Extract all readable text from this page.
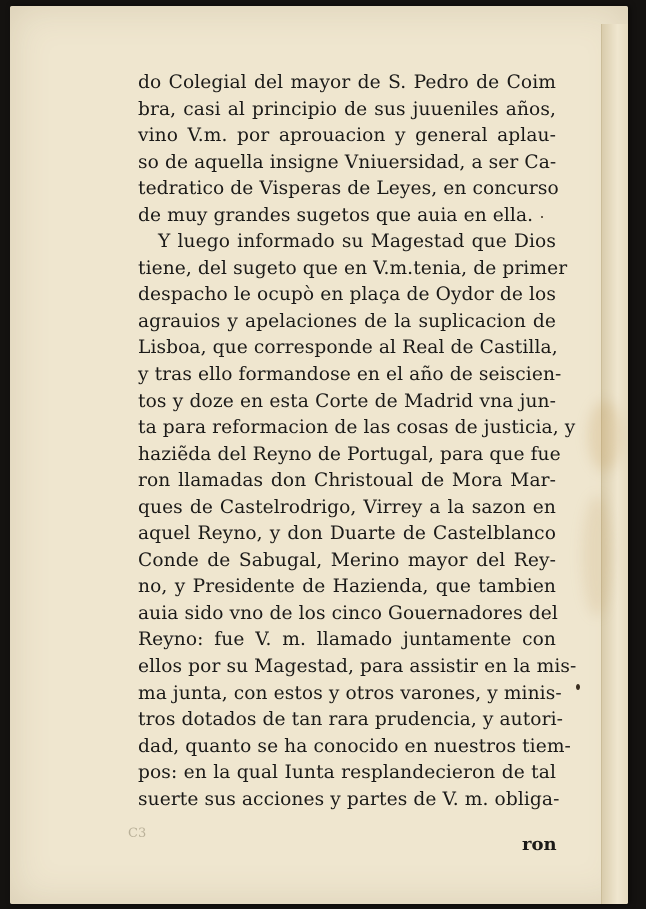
do Colegial del mayor de S. Pedro de Coim
bra, casi al principio de sus juueniles años,
vino V.m. por aprouacion y general aplau-
so de aquella insigne Vniuersidad, a ser Ca-
tedratico de Visperas de Leyes, en concurso
de muy grandes sugetos que auia en ella.
Y luego informado su Magestad que Dios
tiene, del sugeto que en V.m.tenia, de primer
despacho le ocupò en plaça de Oydor de los
agrauios y apelaciones de la suplicacion de
Lisboa, que corresponde al Real de Castilla,
y tras ello formandose en el año de seiscien-
tos y doze en esta Corte de Madrid vna jun-
ta para reformacion de las cosas de justicia, y
haziẽda del Reyno de Portugal, para que fue
ron llamadas don Christoual de Mora Mar-
ques de Castelrodrigo, Virrey a la sazon en
aquel Reyno, y don Duarte de Castelblanco
Conde de Sabugal, Merino mayor del Rey-
no, y Presidente de Hazienda, que tambien
auia sido vno de los cinco Gouernadores del
Reyno: fue V. m. llamado juntamente con
ellos por su Magestad, para assistir en la mis-
ma junta, con estos y otros varones, y minis-
tros dotados de tan rara prudencia, y autori-
dad, quanto se ha conocido en nuestros tiem-
pos: en la qual Iunta resplandecieron de tal
suerte sus acciones y partes de V. m. obliga-
C3
ron
